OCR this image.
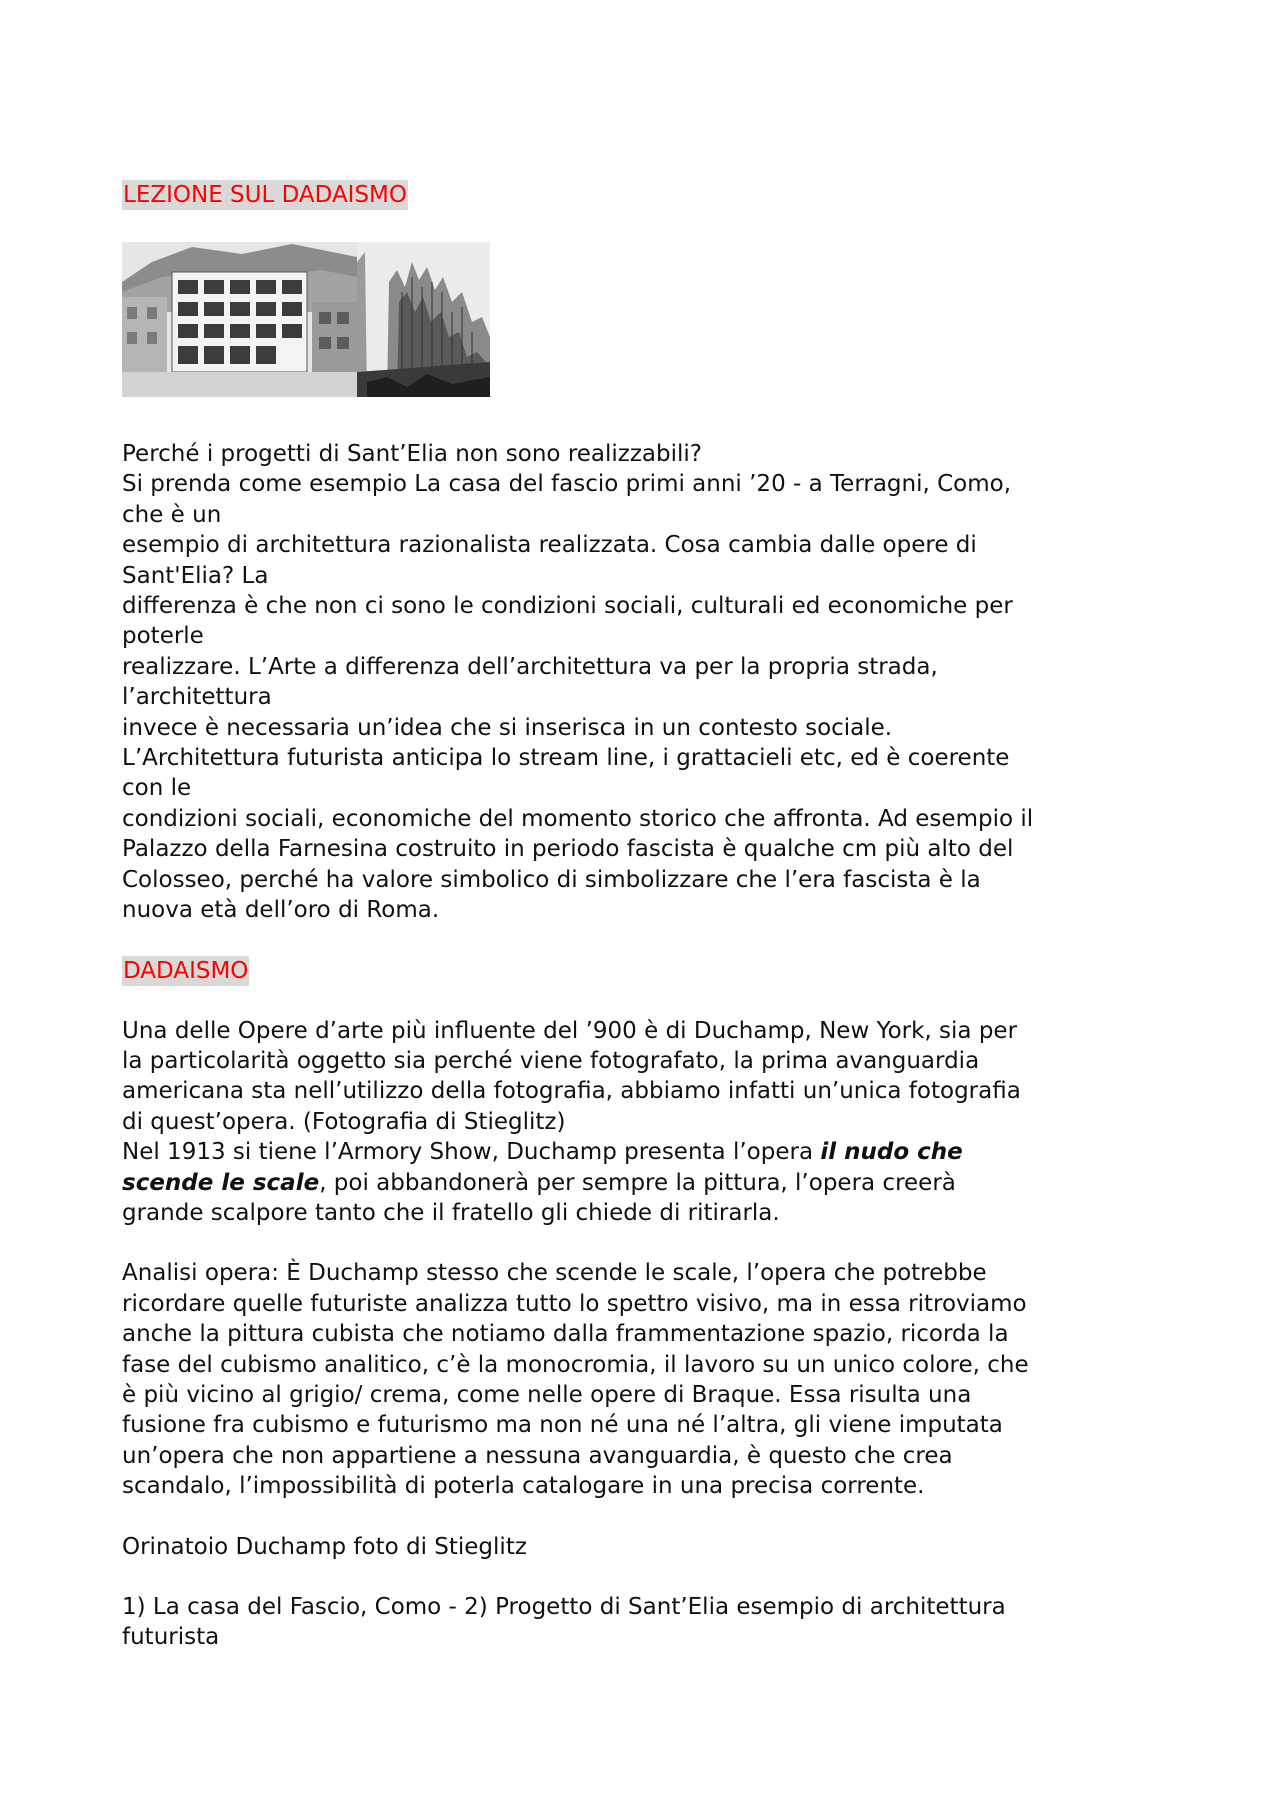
LEZIONE SUL DADAISMO

Perché i progetti di Sant’Elia non sono realizzabili?
Si prenda come esempio La casa del fascio primi anni ’20 - a Terragni, Como,
che è un
esempio di architettura razionalista realizzata. Cosa cambia dalle opere di
Sant'Elia? La
differenza è che non ci sono le condizioni sociali, culturali ed economiche per
poterle
realizzare. L’Arte a differenza dell’architettura va per la propria strada,
l’architettura
invece è necessaria un’idea che si inserisca in un contesto sociale.
L’Architettura futurista anticipa lo stream line, i grattacieli etc, ed è coerente
con le
condizioni sociali, economiche del momento storico che affronta. Ad esempio il
Palazzo della Farnesina costruito in periodo fascista è qualche cm più alto del
Colosseo, perché ha valore simbolico di simbolizzare che l’era fascista è la
nuova età dell’oro di Roma.

DADAISMO

Una delle Opere d’arte più influente del ’900 è di Duchamp, New York, sia per
la particolarità oggetto sia perché viene fotografato, la prima avanguardia
americana sta nell’utilizzo della fotografia, abbiamo infatti un’unica fotografia
di quest’opera. (Fotografia di Stieglitz)
Nel 1913 si tiene l’Armory Show, Duchamp presenta l’opera il nudo che
scende le scale, poi abbandonerà per sempre la pittura, l’opera creerà
grande scalpore tanto che il fratello gli chiede di ritirarla.

Analisi opera: È Duchamp stesso che scende le scale, l’opera che potrebbe
ricordare quelle futuriste analizza tutto lo spettro visivo, ma in essa ritroviamo
anche la pittura cubista che notiamo dalla frammentazione spazio, ricorda la
fase del cubismo analitico, c’è la monocromia, il lavoro su un unico colore, che
è più vicino al grigio/ crema, come nelle opere di Braque. Essa risulta una
fusione fra cubismo e futurismo ma non né una né l’altra, gli viene imputata
un’opera che non appartiene a nessuna avanguardia, è questo che crea
scandalo, l’impossibilità di poterla catalogare in una precisa corrente.

Orinatoio Duchamp foto di Stieglitz

1) La casa del Fascio, Como - 2) Progetto di Sant’Elia esempio di architettura
futurista
